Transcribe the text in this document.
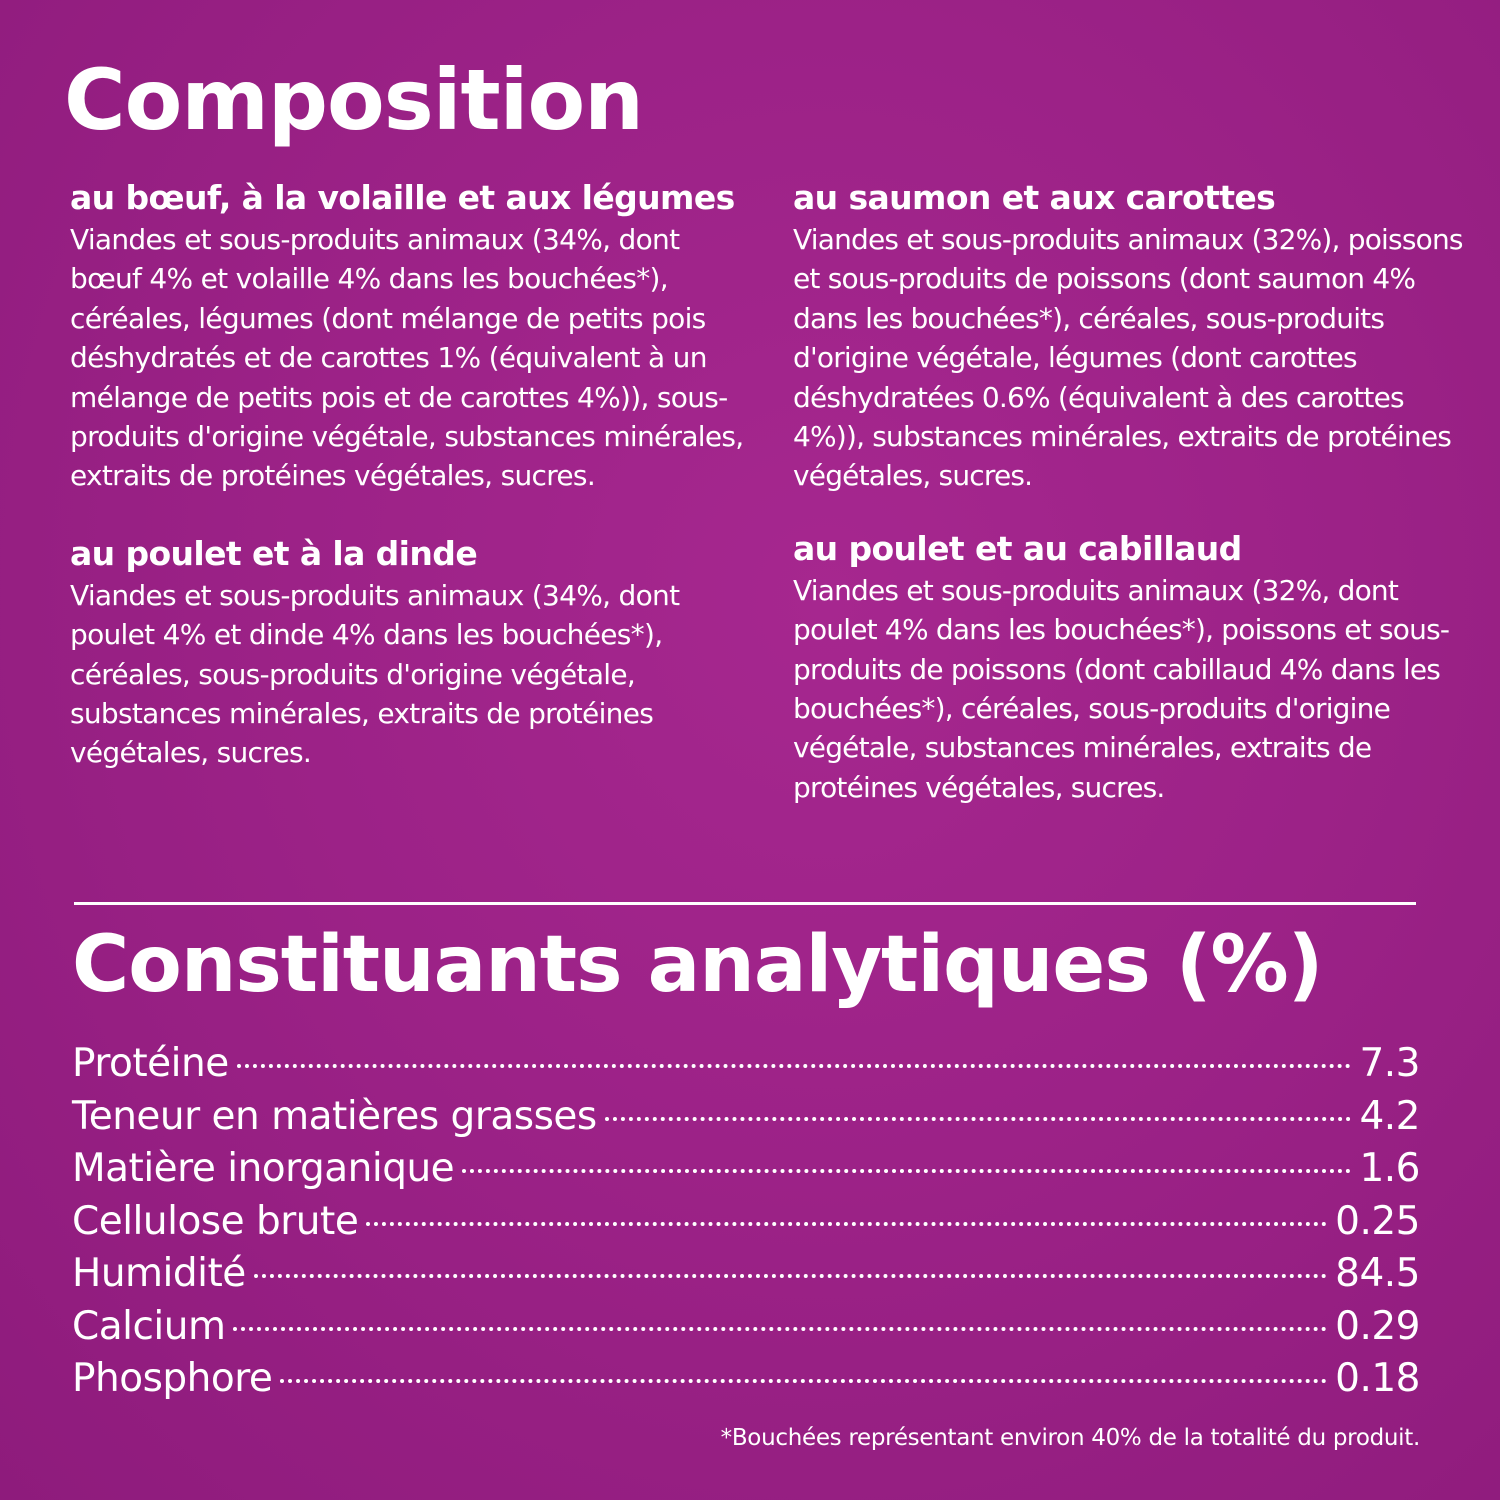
Composition
au bœuf, à la volaille et aux légumes
Viandes et sous-produits animaux (34%, dont bœuf 4% et volaille 4% dans les bouchées*), céréales, légumes (dont mélange de petits pois déshydratés et de carottes 1% (équivalent à un mélange de petits pois et de carottes 4%)), sous-produits d'origine végétale, substances minérales, extraits de protéines végétales, sucres.
au poulet et à la dinde
Viandes et sous-produits animaux (34%, dont poulet 4% et dinde 4% dans les bouchées*), céréales, sous-produits d'origine végétale, substances minérales, extraits de protéines végétales, sucres.
au saumon et aux carottes
Viandes et sous-produits animaux (32%), poissons et sous-produits de poissons (dont saumon 4% dans les bouchées*), céréales, sous-produits d'origine végétale, légumes (dont carottes déshydratées 0.6% (équivalent à des carottes 4%)), substances minérales, extraits de protéines végétales, sucres.
au poulet et au cabillaud
Viandes et sous-produits animaux (32%, dont poulet 4% dans les bouchées*), poissons et sous-produits de poissons (dont cabillaud 4% dans les bouchées*), céréales, sous-produits d'origine végétale, substances minérales, extraits de protéines végétales, sucres.
Constituants analytiques (%)
Protéine	7.3
Teneur en matières grasses	4.2
Matière inorganique	1.6
Cellulose brute	0.25
Humidité	84.5
Calcium	0.29
Phosphore	0.18
*Bouchées représentant environ 40% de la totalité du produit.
